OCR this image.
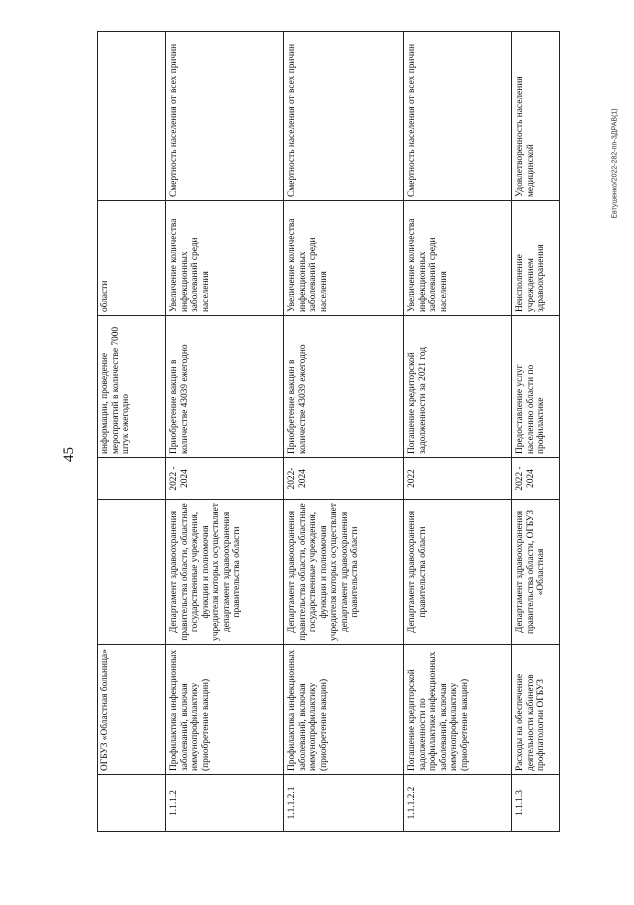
45
Евтушенко/2022-282-пп-ЗДРАВ(1)
	ОГБУЗ «Областная больница»			информации, проведение мероприятий в количестве 7000 штук ежегодно	области	
1.1.1.2	Профилактика инфекционных заболеваний, включая иммунопрофилактику (приобретение вакцин)	Департамент здравоохранения правительства области, областные государственные учреждения, функции и полномочия учредителя которых осуществляет департамент здравоохранения правительства области	2022 - 2024	Приобретение вакцин в количестве 43039 ежегодно	Увеличение количества инфекционных заболеваний среди населения	Смертность населения от всех причин
1.1.1.2.1	Профилактика инфекционных заболеваний, включая иммунопрофилактику (приобретение вакцин)	Департамент здравоохранения правительства области, областные государственные учреждения, функции и полномочия учредителя которых осуществляет департамент здравоохранения правительства области	2022-2024	Приобретение вакцин в количестве 43039 ежегодно	Увеличение количества инфекционных заболеваний среди населения	Смертность населения от всех причин
1.1.1.2.2	Погашение кредиторской задолженности по профилактике инфекционных заболеваний, включая иммунопрофилактику (приобретение вакцин)	Департамент здравоохранения правительства области	2022	Погашение кредиторской задолженности за 2021 год	Увеличение количества инфекционных заболеваний среди населения	Смертность населения от всех причин
1.1.1.3	Расходы на обеспечение деятельности кабинетов профпатологии ОГБУЗ	Департамент здравоохранения правительства области, ОГБУЗ «Областная	2022 - 2024	Предоставление услуг населению области по профилактике	Неисполнение учреждением здравоохранения	Удовлетворенность населения медицинской
